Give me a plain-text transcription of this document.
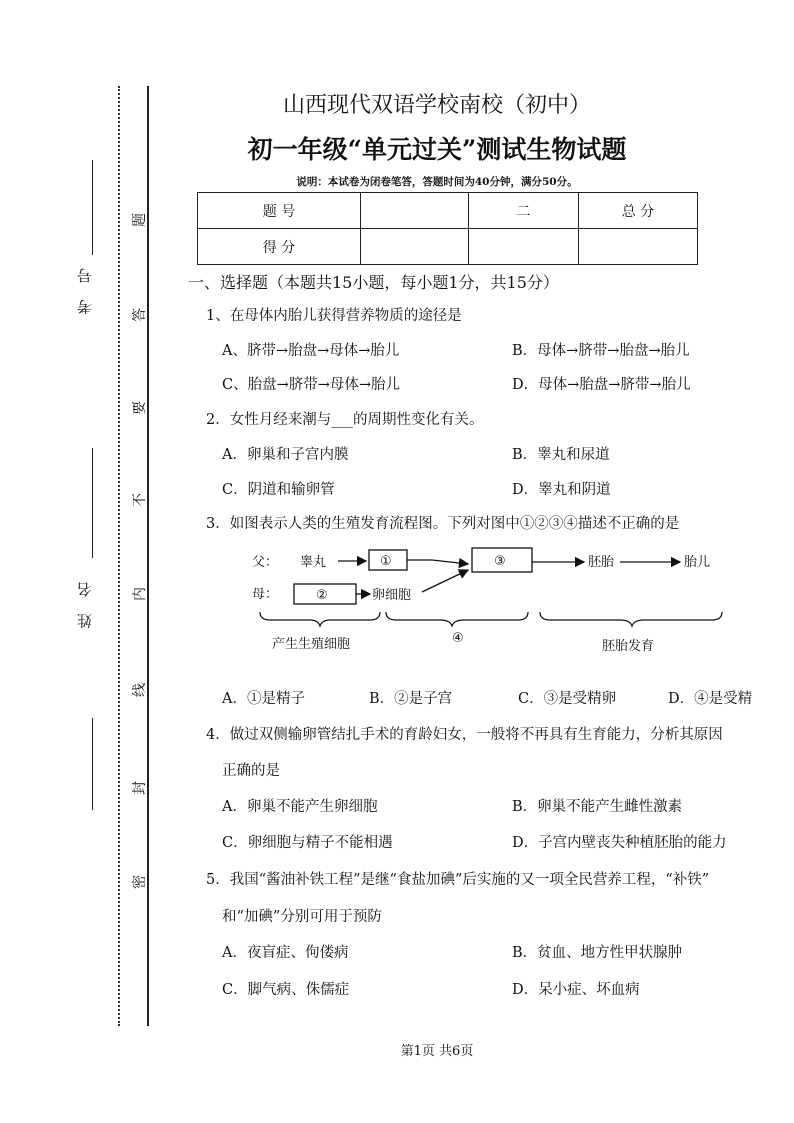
考 号
姓 名
题
答
要
不
内
线
封
密
山西现代双语学校南校（初中）
初一年级“单元过关”测试生物试题
说明：本试卷为闭卷笔答，答题时间为40分钟，满分50分。
题 号		二	总 分
得 分			
一、选择题（本题共15小题，每小题1分，共15分）
1、在母体内胎儿获得营养物质的途径是
A、脐带→胎盘→母体→胎儿	B．母体→脐带→胎盘→胎儿
C、胎盘→脐带→母体→胎儿	D．母体→胎盘→脐带→胎儿
2．女性月经来潮与___的周期性变化有关。
A．卵巢和子宫内膜	B．睾丸和尿道
C．阴道和输卵管	D．睾丸和阴道
3．如图表示人类的生殖发育流程图。下列对图中①②③④描述不正确的是
父： 睾丸	①
母：	②	卵细胞
③	胚胎	胎儿
④
产生生殖细胞	胚胎发育
A．①是精子	B．②是子宫	C．③是受精卵	D．④是受精
4．做过双侧输卵管结扎手术的育龄妇女，一般将不再具有生育能力，分析其原因
正确的是
A．卵巢不能产生卵细胞	B．卵巢不能产生雌性激素
C．卵细胞与精子不能相遇	D．子宫内壁丧失种植胚胎的能力
5．我国“酱油补铁工程”是继“食盐加碘”后实施的又一项全民营养工程，“补铁”
和“加碘”分别可用于预防
A．夜盲症、佝偻病	B．贫血、地方性甲状腺肿
C．脚气病、侏儒症	D．呆小症、坏血病
第1页 共6页
